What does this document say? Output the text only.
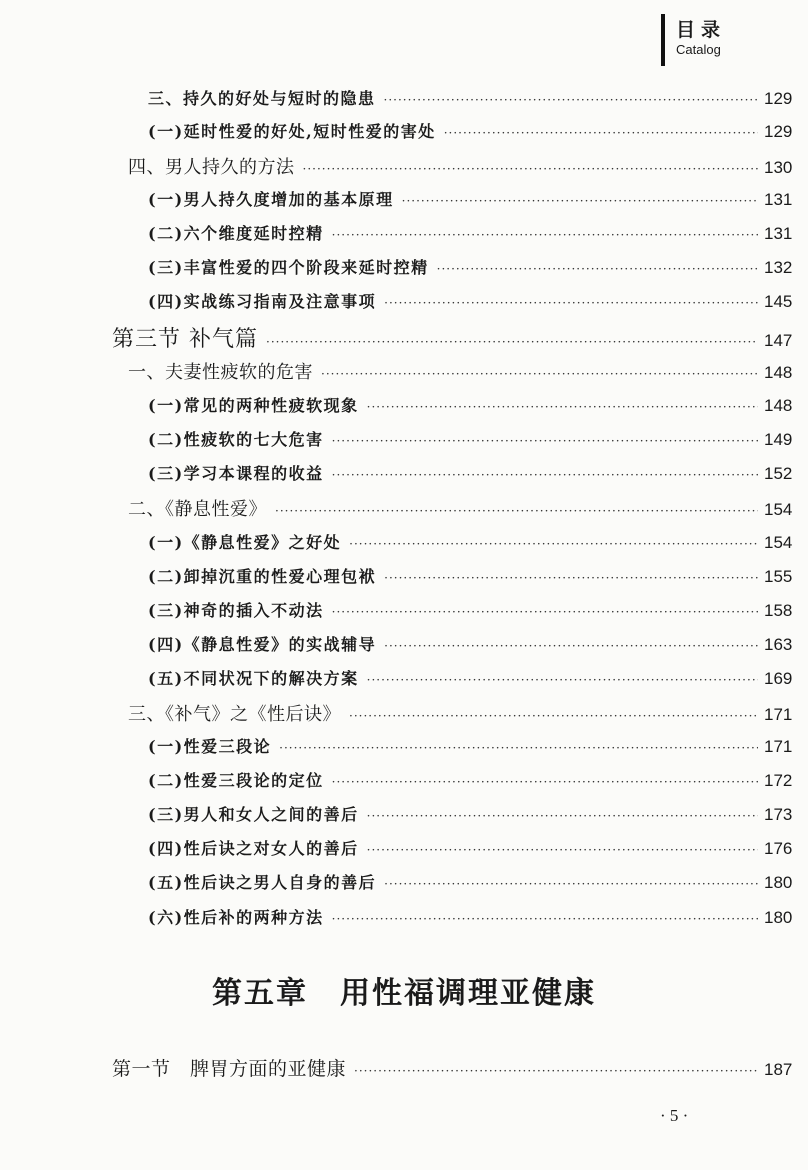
目录
Catalog
三、持久的好处与短时的隐患 ·····	129
(一)延时性爱的好处,短时性爱的害处 ·····	129
四、男人持久的方法 ·····	130
(一)男人持久度增加的基本原理 ·····	131
(二)六个维度延时控精 ·····	131
(三)丰富性爱的四个阶段来延时控精 ·····	132
(四)实战练习指南及注意事项 ·····	145
第三节 补气篇 ·····	147
一、夫妻性疲软的危害 ·····	148
(一)常见的两种性疲软现象 ·····	148
(二)性疲软的七大危害 ·····	149
(三)学习本课程的收益 ·····	152
二、《静息性爱》 ·····	154
(一)《静息性爱》之好处 ·····	154
(二)卸掉沉重的性爱心理包袱 ·····	155
(三)神奇的插入不动法 ·····	158
(四)《静息性爱》的实战辅导 ·····	163
(五)不同状况下的解决方案 ·····	169
三、《补气》之《性后诀》 ·····	171
(一)性爱三段论 ·····	171
(二)性爱三段论的定位 ·····	172
(三)男人和女人之间的善后 ·····	173
(四)性后诀之对女人的善后 ·····	176
(五)性后诀之男人自身的善后 ·····	180
(六)性后补的两种方法 ·····	180
第五章　用性福调理亚健康
第一节　脾胃方面的亚健康 ·····	187
· 5 ·
